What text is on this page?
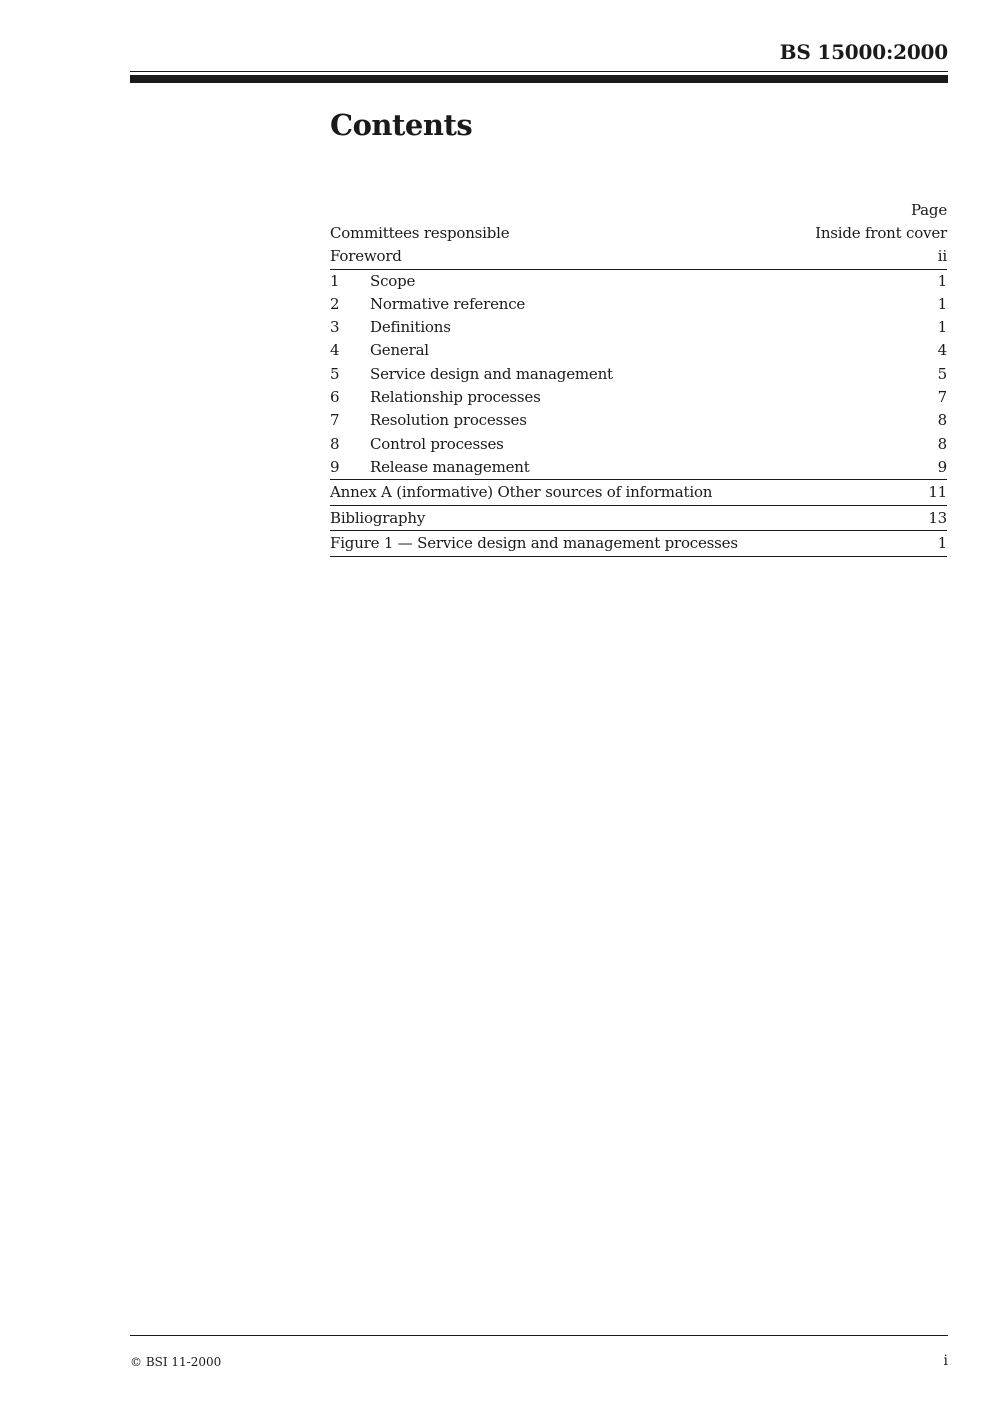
BS 15000:2000
Contents
Page
Committees responsible	Inside front cover
Foreword	ii
1	Scope	1
2	Normative reference	1
3	Definitions	1
4	General	4
5	Service design and management	5
6	Relationship processes	7
7	Resolution processes	8
8	Control processes	8
9	Release management	9
Annex A (informative) Other sources of information	11
Bibliography	13
Figure 1 — Service design and management processes	1
© BSI 11-2000	i
